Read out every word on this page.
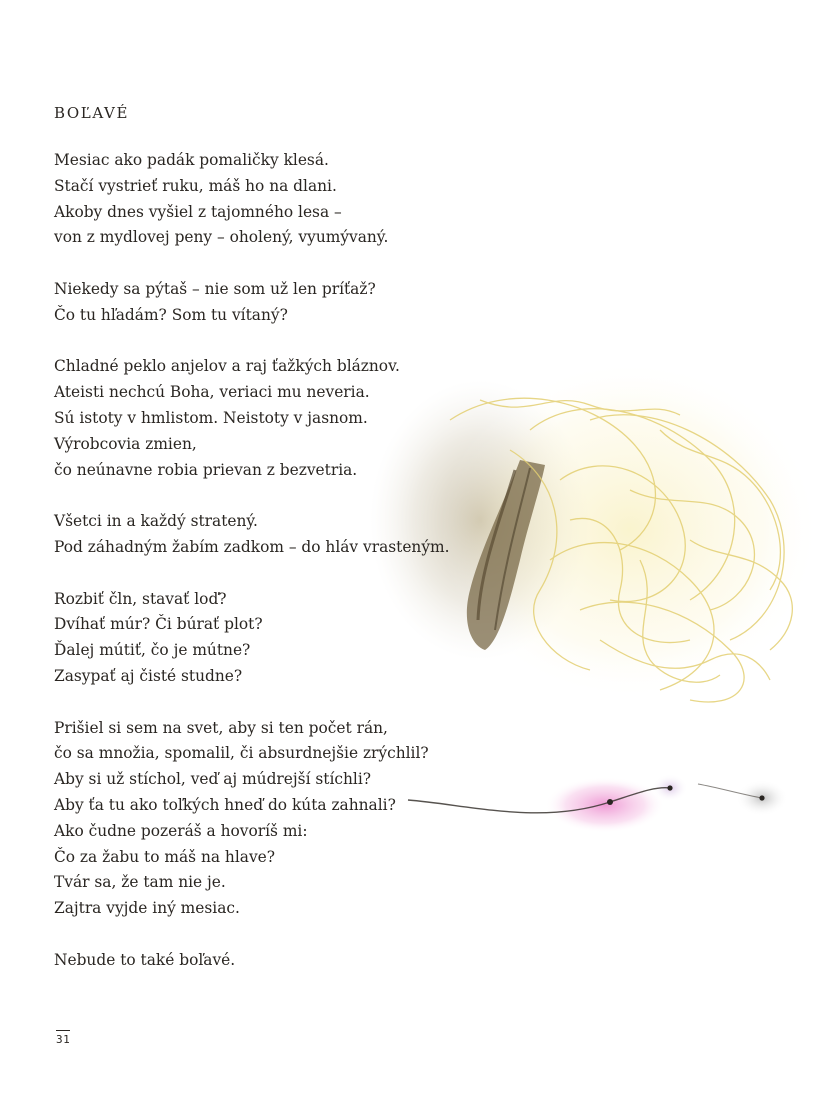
BOĽAVÉ
Mesiac ako padák pomaličky klesá.
Stačí vystrieť ruku, máš ho na dlani.
Akoby dnes vyšiel z tajomného lesa –
von z mydlovej peny – oholený, vyumývaný.
Niekedy sa pýtaš – nie som už len príťaž?
Čo tu hľadám? Som tu vítaný?
Chladné peklo anjelov a raj ťažkých bláznov.
Ateisti nechcú Boha, veriaci mu neveria.
Sú istoty v hmlistom. Neistoty v jasnom.
Výrobcovia zmien,
čo neúnavne robia prievan z bezvetria.
Všetci in a každý stratený.
Pod záhadným žabím zadkom – do hláv vrasteným.
Rozbiť čln, stavať loď?
Dvíhať múr? Či búrať plot?
Ďalej mútiť, čo je mútne?
Zasypať aj čisté studne?
Prišiel si sem na svet, aby si ten počet rán,
čo sa množia, spomalil, či absurdnejšie zrýchlil?
Aby si už stíchol, veď aj múdrejší stíchli?
Aby ťa tu ako toľkých hneď do kúta zahnali?
Ako čudne pozeráš a hovoríš mi:
Čo za žabu to máš na hlave?
Tvár sa, že tam nie je.
Zajtra vyjde iný mesiac.
Nebude to také boľavé.
31
